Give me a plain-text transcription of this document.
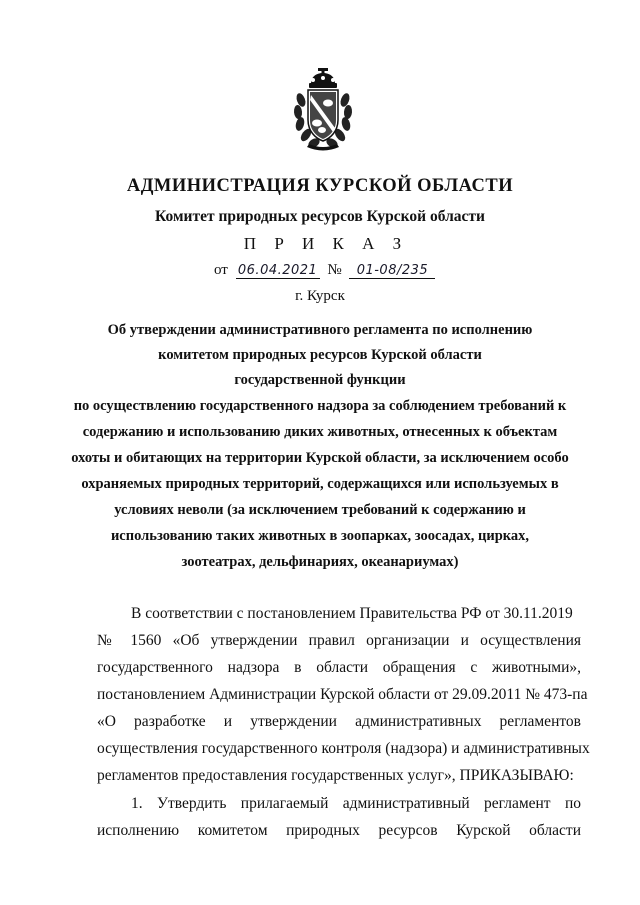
АДМИНИСТРАЦИЯ КУРСКОЙ ОБЛАСТИ
Комитет природных ресурсов Курской области
П Р И К А З
от 06.04.2021 № 01-08/235
г. Курск
Об утверждении административного регламента по исполнению
комитетом природных ресурсов Курской области
государственной функции
по осуществлению государственного надзора за соблюдением требований к
содержанию и использованию диких животных, отнесенных к объектам
охоты и обитающих на территории Курской области, за исключением особо
охраняемых природных территорий, содержащихся или используемых в
условиях неволи (за исключением требований к содержанию и
использованию таких животных в зоопарках, зоосадах, цирках,
зоотеатрах, дельфинариях, океанариумах)
В соответствии с постановлением Правительства РФ от 30.11.2019
№ 1560 «Об утверждении правил организации и осуществления
государственного надзора в области обращения с животными»,
постановлением Администрации Курской области от 29.09.2011 № 473-па
«О разработке и утверждении административных регламентов
осуществления государственного контроля (надзора) и административных
регламентов предоставления государственных услуг», ПРИКАЗЫВАЮ:
1. Утвердить прилагаемый административный регламент по
исполнению комитетом природных ресурсов Курской области
